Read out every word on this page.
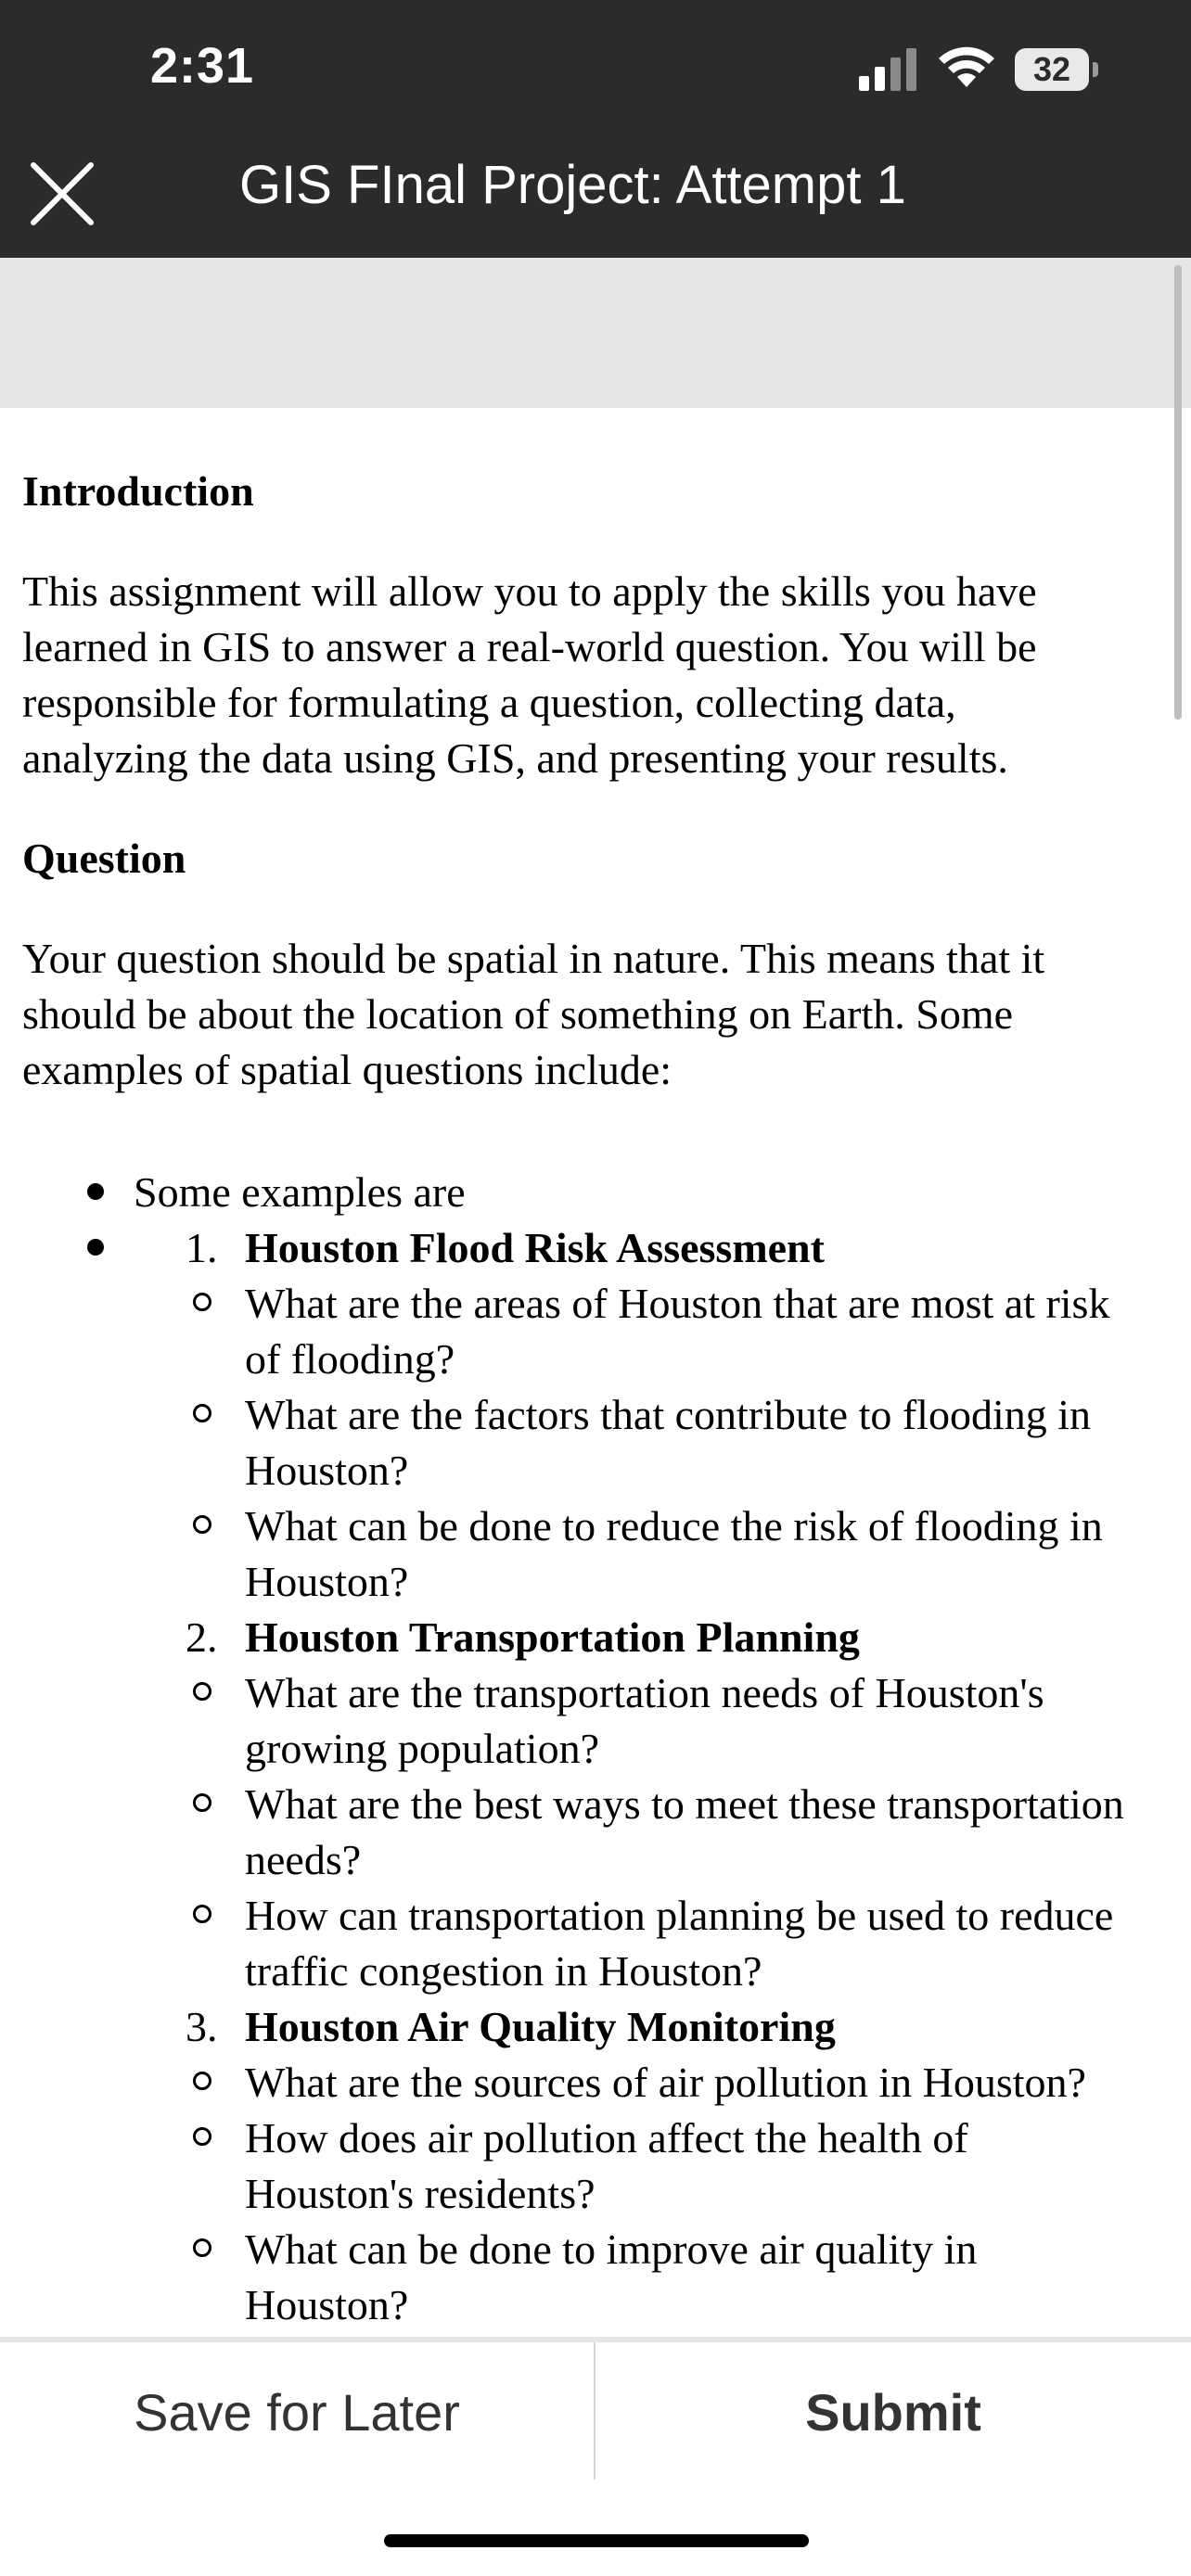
2:31	32
GIS FInal Project: Attempt 1

Introduction

This assignment will allow you to apply the skills you have

learned in GIS to answer a real-world question. You will be

responsible for formulating a question, collecting data,

analyzing the data using GIS, and presenting your results.

Question

Your question should be spatial in nature. This means that it

should be about the location of something on Earth. Some

examples of spatial questions include:

Some examples are
1. Houston Flood Risk Assessment
What are the areas of Houston that are most at risk
of flooding?
What are the factors that contribute to flooding in
Houston?
What can be done to reduce the risk of flooding in
Houston?
2. Houston Transportation Planning
What are the transportation needs of Houston's
growing population?
What are the best ways to meet these transportation
needs?
How can transportation planning be used to reduce
traffic congestion in Houston?
3. Houston Air Quality Monitoring
What are the sources of air pollution in Houston?
How does air pollution affect the health of
Houston's residents?
What can be done to improve air quality in
Houston?
Save for Later	Submit
